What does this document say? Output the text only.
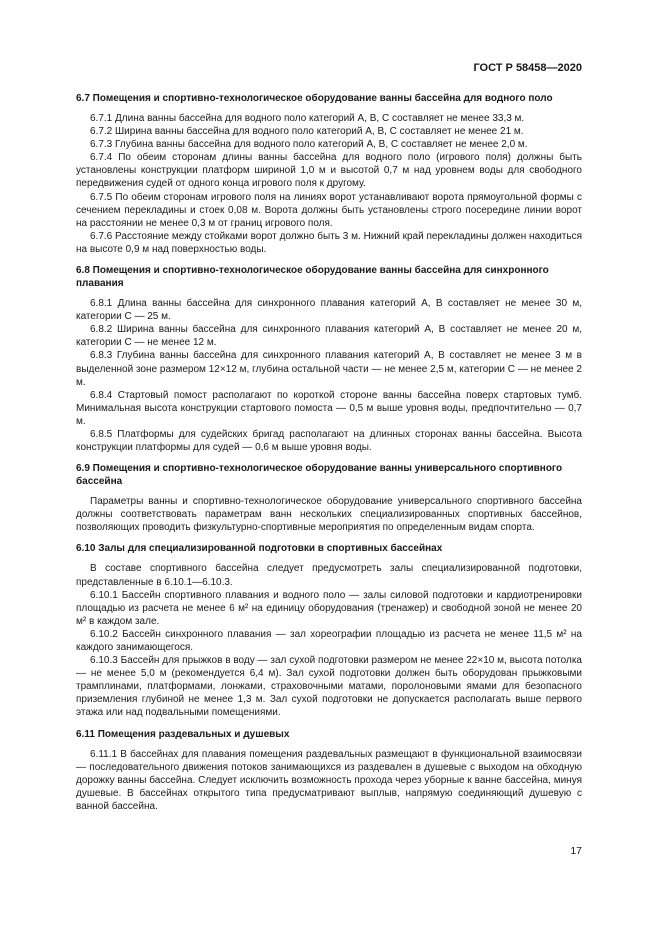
ГОСТ Р 58458—2020

6.7 Помещения и спортивно-технологическое оборудование ванны бассейна для водного поло

6.7.1 Длина ванны бассейна для водного поло категорий А, В, С составляет не менее 33,3 м.

6.7.2 Ширина ванны бассейна для водного поло категорий А, В, С составляет не менее 21 м.

6.7.3 Глубина ванны бассейна для водного поло категорий А, В, С составляет не менее 2,0 м.

6.7.4 По обеим сторонам длины ванны бассейна для водного поло (игрового поля) должны быть установлены конструкции платформ шириной 1,0 м и высотой 0,7 м над уровнем воды для свободного передвижения судей от одного конца игрового поля к другому.

6.7.5 По обеим сторонам игрового поля на линиях ворот устанавливают ворота прямоугольной формы с сечением перекладины и стоек 0,08 м. Ворота должны быть установлены строго посередине линии ворот на расстоянии не менее 0,3 м от границ игрового поля.

6.7.6 Расстояние между стойками ворот должно быть 3 м. Нижний край перекладины должен находиться на высоте 0,9 м над поверхностью воды.

6.8 Помещения и спортивно-технологическое оборудование ванны бассейна для синхронного плавания

6.8.1 Длина ванны бассейна для синхронного плавания категорий А, В составляет не менее 30 м, категории С — 25 м.

6.8.2 Ширина ванны бассейна для синхронного плавания категорий А, В составляет не менее 20 м, категории С — не менее 12 м.

6.8.3 Глубина ванны бассейна для синхронного плавания категорий А, В составляет не менее 3 м в выделенной зоне размером 12×12 м, глубина остальной части — не менее 2,5 м, категории С — не менее 2 м.

6.8.4 Стартовый помост располагают по короткой стороне ванны бассейна поверх стартовых тумб. Минимальная высота конструкции стартового помоста — 0,5 м выше уровня воды, предпочтительно — 0,7 м.

6.8.5 Платформы для судейских бригад располагают на длинных сторонах ванны бассейна. Высота конструкции платформы для судей — 0,6 м выше уровня воды.

6.9 Помещения и спортивно-технологическое оборудование ванны универсального спортивного бассейна

Параметры ванны и спортивно-технологическое оборудование универсального спортивного бассейна должны соответствовать параметрам ванн нескольких специализированных спортивных бассейнов, позволяющих проводить физкультурно-спортивные мероприятия по определенным видам спорта.

6.10 Залы для специализированной подготовки в спортивных бассейнах

В составе спортивного бассейна следует предусмотреть залы специализированной подготовки, представленные в 6.10.1—6.10.3.

6.10.1 Бассейн спортивного плавания и водного поло — залы силовой подготовки и кардиотренировки площадью из расчета не менее 6 м² на единицу оборудования (тренажер) и свободной зоной не менее 20 м² в каждом зале.

6.10.2 Бассейн синхронного плавания — зал хореографии площадью из расчета не менее 11,5 м² на каждого занимающегося.

6.10.3 Бассейн для прыжков в воду — зал сухой подготовки размером не менее 22×10 м, высота потолка — не менее 5,0 м (рекомендуется 6,4 м). Зал сухой подготовки должен быть оборудован прыжковыми трамплинами, платформами, лонжами, страховочными матами, поролоновыми ямами для безопасного приземления глубиной не менее 1,3 м. Зал сухой подготовки не допускается располагать выше первого этажа или над подвальными помещениями.

6.11 Помещения раздевальных и душевых

6.11.1 В бассейнах для плавания помещения раздевальных размещают в функциональной взаимосвязи — последовательного движения потоков занимающихся из раздевален в душевые с выходом на обходную дорожку ванны бассейна. Следует исключить возможность прохода через уборные к ванне бассейна, минуя душевые. В бассейнах открытого типа предусматривают выплыв, напрямую соединяющий душевую с ванной бассейна.

17
